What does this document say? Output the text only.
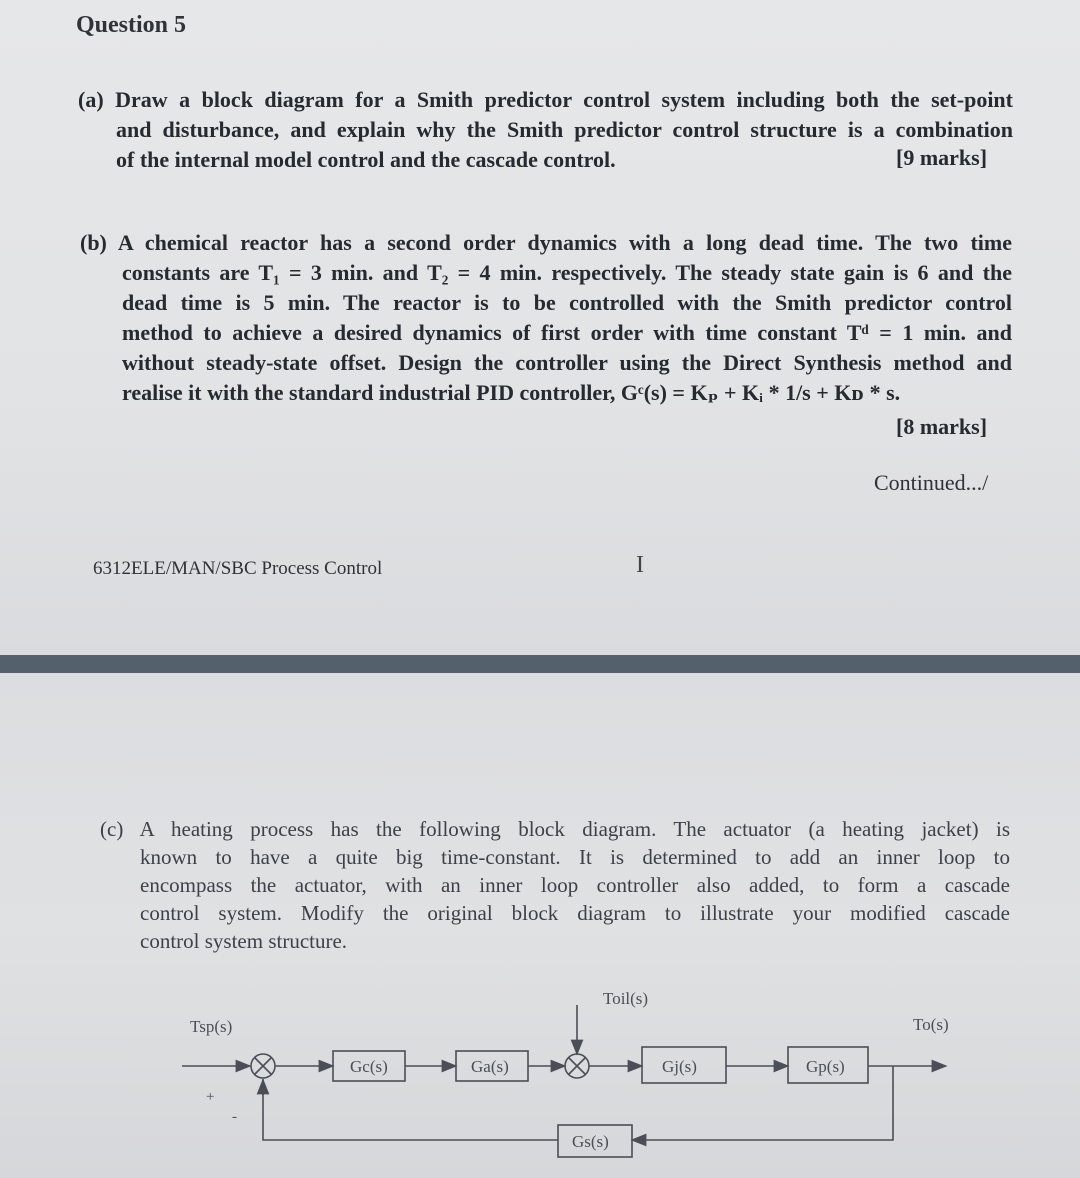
Question 5
(a) Draw a block diagram for a Smith predictor control system including both the set-point
and disturbance, and explain why the Smith predictor control structure is a combination
of the internal model control and the cascade control.	[9 marks]
(b) A chemical reactor has a second order dynamics with a long dead time. The two time
constants are T₁ = 3 min. and T₂ = 4 min. respectively. The steady state gain is 6 and the
dead time is 5 min. The reactor is to be controlled with the Smith predictor control
method to achieve a desired dynamics of first order with time constant Tᵈ = 1 min. and
without steady-state offset. Design the controller using the Direct Synthesis method and
realise it with the standard industrial PID controller, Gᶜ(s) = Kₚ + Kᵢ * 1/s + Kᴅ * s.
[8 marks]
Continued.../
6312ELE/MAN/SBC Process Control	I
(c) A heating process has the following block diagram. The actuator (a heating jacket) is
known to have a quite big time-constant. It is determined to add an inner loop to
encompass the actuator, with an inner loop controller also added, to form a cascade
control system. Modify the original block diagram to illustrate your modified cascade
control system structure.
Tsp(s)
Toil(s)
To(s)
+
-
Gc(s)	Ga(s)	Gj(s)	Gp(s)
Gs(s)
